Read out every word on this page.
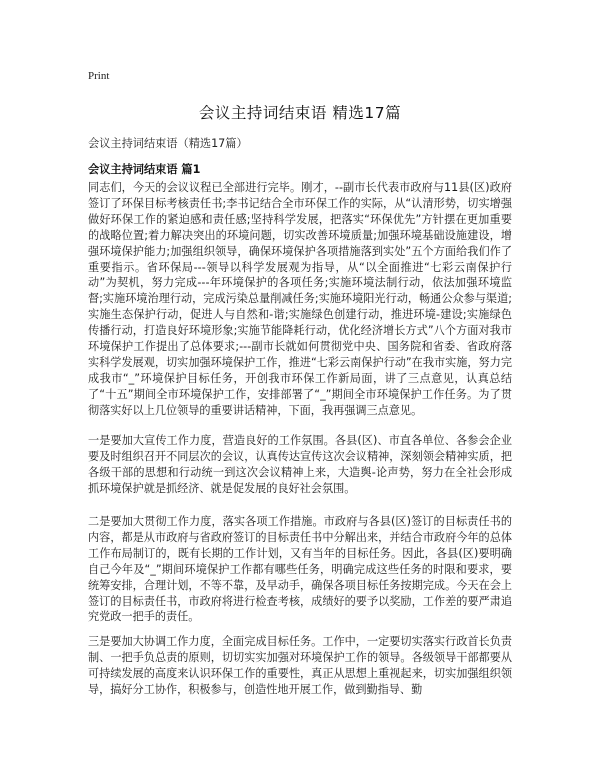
Print
会议主持词结束语 精选17篇
会议主持词结束语（精选17篇）
会议主持词结束语 篇1

同志们，今天的会议议程已全部进行完毕。刚才，--副市长代表市政府与11县(区)政府签订了环保目标考核责任书;李书记结合全市环保工作的实际，从“认清形势，切实增强做好环保工作的紧迫感和责任感;坚持科学发展，把落实“环保优先”方针摆在更加重要的战略位置;着力解决突出的环境问题，切实改善环境质量;加强环境基础设施建设，增强环境保护能力;加强组织领导，确保环境保护各项措施落到实处”五个方面给我们作了重要指示。省环保局---领导以科学发展观为指导，从“以全面推进“七彩云南保护行动”为契机，努力完成---年环境保护的各项任务;实施环境法制行动，依法加强环境监督;实施环境治理行动，完成污染总量削减任务;实施环境阳光行动，畅通公众参与渠道;实施生态保护行动，促进人与自然和-谐;实施绿色创建行动，推进环境-建设;实施绿色传播行动，打造良好环境形象;实施节能降耗行动，优化经济增长方式”八个方面对我市环境保护工作提出了总体要求;---副市长就如何贯彻党中央、国务院和省委、省政府落实科学发展观，切实加强环境保护工作，推进“七彩云南保护行动”在我市实施，努力完成我市“_”环境保护目标任务，开创我市环保工作新局面，讲了三点意见，认真总结了“十五”期间全市环境保护工作，安排部署了“_”期间全市环境保护工作任务。为了贯彻落实好以上几位领导的重要讲话精神，下面，我再强调三点意见。

一是要加大宣传工作力度，营造良好的工作氛围。各县(区)、市直各单位、各参会企业要及时组织召开不同层次的会议，认真传达宣传这次会议精神，深刻领会精神实质，把各级干部的思想和行动统一到这次会议精神上来，大造舆-论声势，努力在全社会形成抓环境保护就是抓经济、就是促发展的良好社会氛围。

二是要加大贯彻工作力度，落实各项工作措施。市政府与各县(区)签订的目标责任书的内容，都是从市政府与省政府签订的目标责任书中分解出来，并结合市政府今年的总体工作布局制订的，既有长期的工作计划，又有当年的目标任务。因此，各县(区)要明确自己今年及“_”期间环境保护工作都有哪些任务，明确完成这些任务的时限和要求，要统筹安排，合理计划，不等不靠，及早动手，确保各项目标任务按期完成。今天在会上签订的目标责任书，市政府将进行检查考核，成绩好的要予以奖励，工作差的要严肃追究党政一把手的责任。

三是要加大协调工作力度，全面完成目标任务。工作中，一定要切实落实行政首长负责制、一把手负总责的原则，切切实实加强对环境保护工作的领导。各级领导干部都要从可持续发展的高度来认识环保工作的重要性，真正从思想上重视起来，切实加强组织领导，搞好分工协作，积极参与，创造性地开展工作，做到勤指导、勤
